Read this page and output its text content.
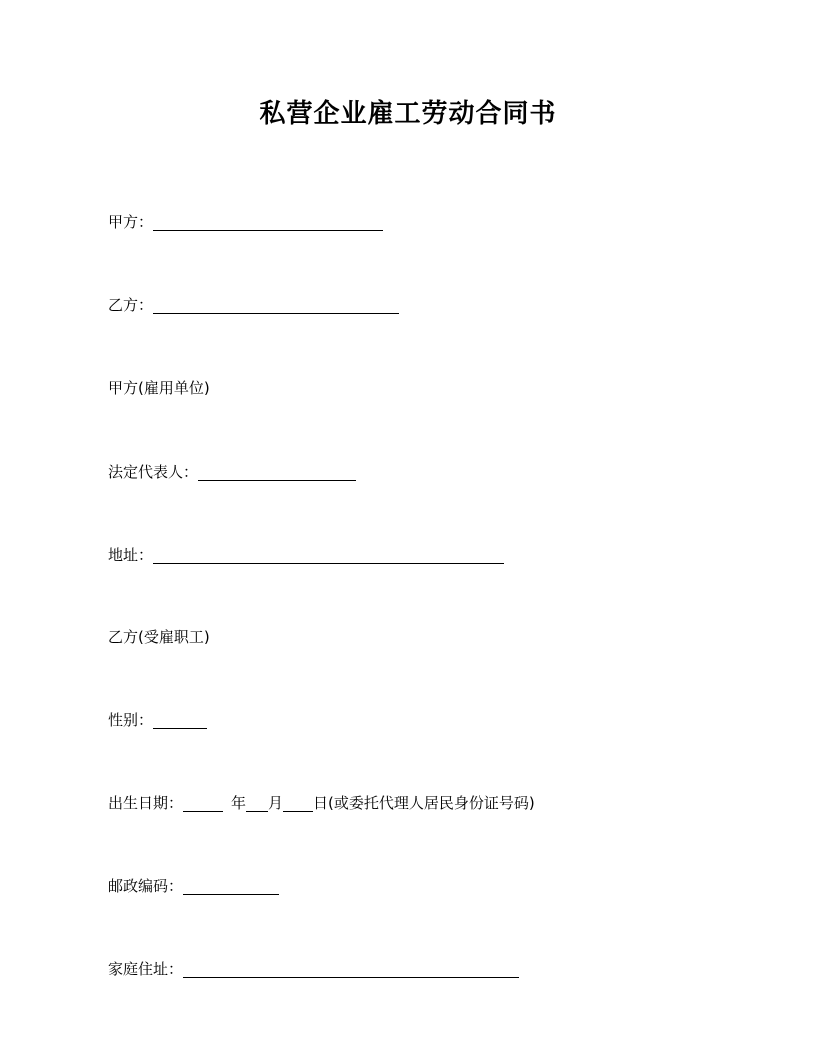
私营企业雇工劳动合同书
甲方：
乙方：
甲方(雇用单位)
法定代表人：
地址：
乙方(受雇职工)
性别：
出生日期：	年 月 日(或委托代理人居民身份证号码)
邮政编码：
家庭住址：
